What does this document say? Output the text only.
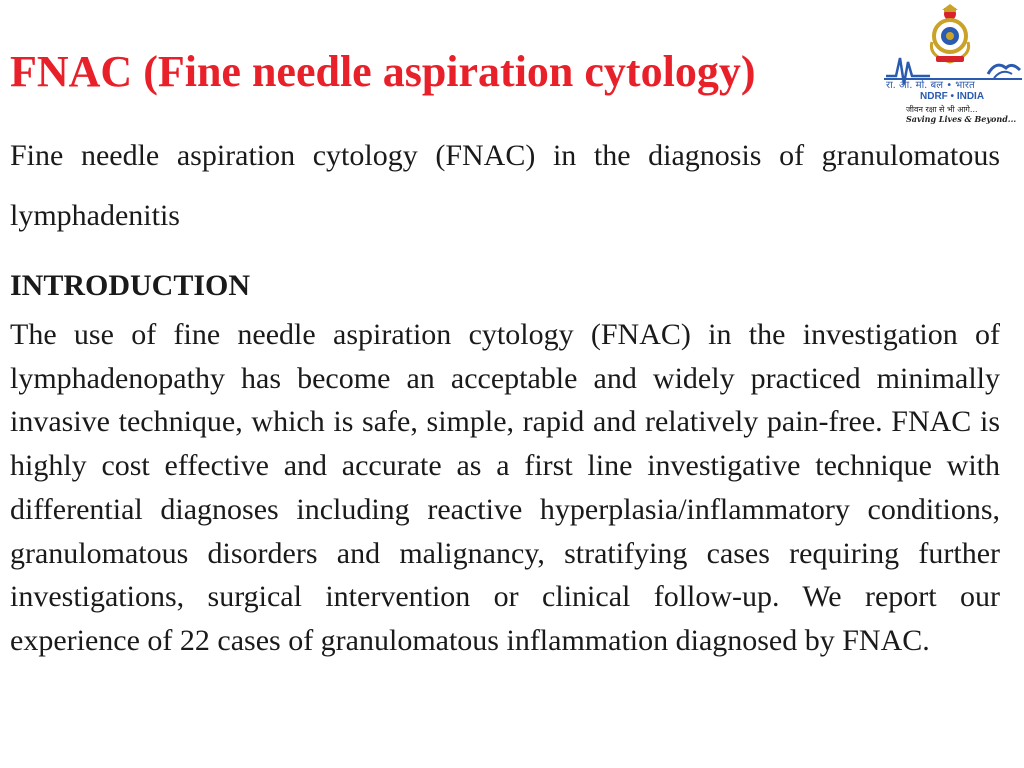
FNAC (Fine needle aspiration cytology)	रा. आ. मो. बल • भारत
NDRF • INDIA
जीवन रक्षा से भी आगे...
Saving Lives & Beyond...

Fine needle aspiration cytology (FNAC) in the diagnosis of granulomatous lymphadenitis

INTRODUCTION

The use of fine needle aspiration cytology (FNAC) in the investigation of lymphadenopathy has become an acceptable and widely practiced minimally invasive technique, which is safe, simple, rapid and relatively pain-free. FNAC is highly cost effective and accurate as a first line investigative technique with differential diagnoses including reactive hyperplasia/inflammatory conditions, granulomatous disorders and malignancy, stratifying cases requiring further investigations, surgical intervention or clinical follow-up. We report our experience of 22 cases of granulomatous inflammation diagnosed by FNAC.
